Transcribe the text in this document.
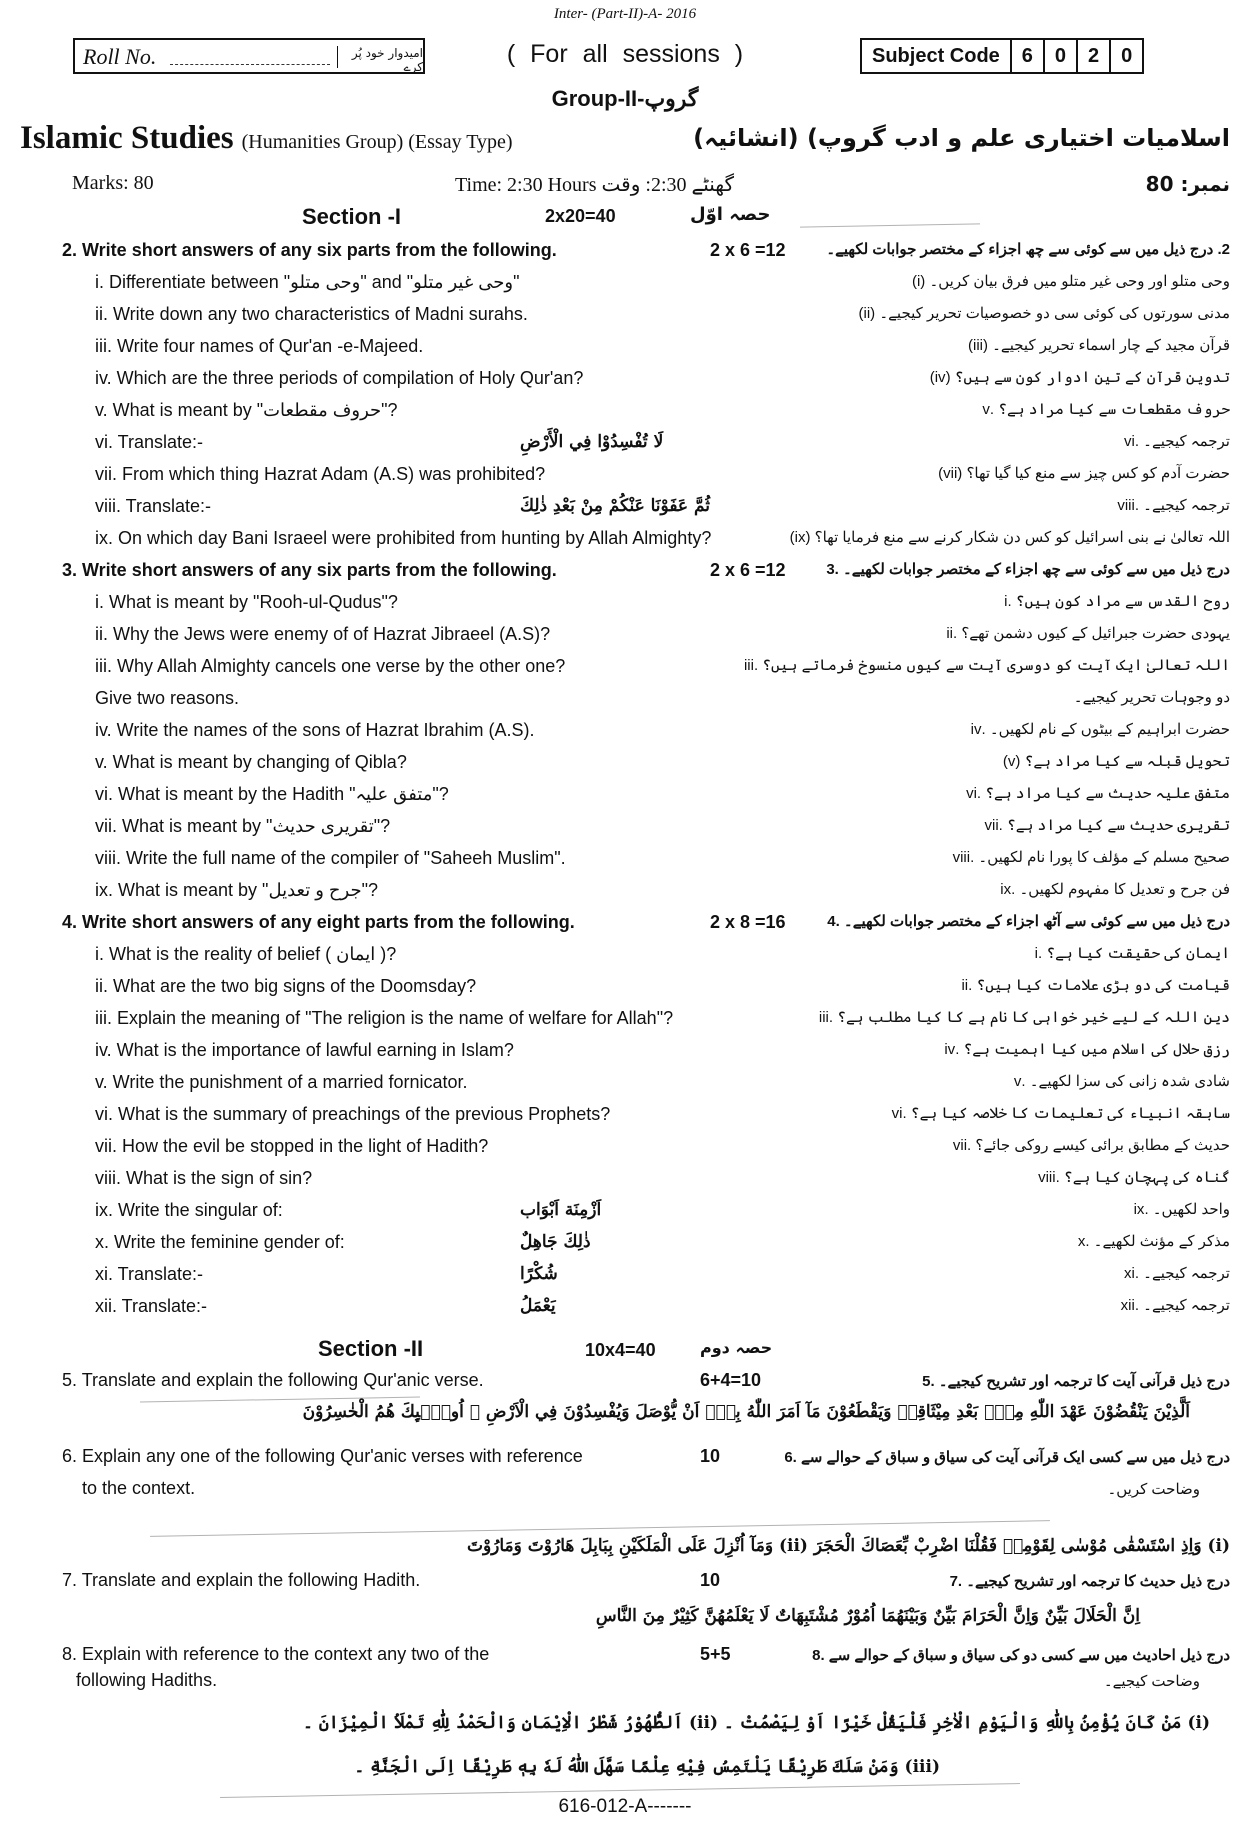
Inter- (Part-II)-A- 2016
Roll No.	امیدوار خود پُر کرے	( For all sessions )	Subject Code	6	0	2	0
Group-II-گروپ
Islamic Studies (Humanities Group) (Essay Type)	اسلامیات اختیاری علم و ادب گروپ) (انشائیہ)
Marks: 80	Time: 2:30 Hours گھنٹے 2:30: وقت	نمبر: 80
Section -I	2x20=40	حصہ اوّل
2. Write short answers of any six parts from the following.	2 x 6 =12	2. درج ذیل میں سے کوئی سے چھ اجزاء کے مختصر جوابات لکھیے۔
i. Differentiate between "وحی متلو" and "وحی غیر متلو"	وحی متلو اور وحی غیر متلو میں فرق بیان کریں۔ (i)
ii. Write down any two characteristics of Madni surahs.	مدنی سورتوں کی کوئی سی دو خصوصیات تحریر کیجیے۔ (ii)
iii. Write four names of Qur'an -e-Majeed.	قرآن مجید کے چار اسماء تحریر کیجیے۔ (iii)
iv. Which are the three periods of compilation of Holy Qur'an?	تدوین قرآن کے تین ادوار کون سے ہیں؟ (iv)
v. What is meant by "حروف مقطعات"?	حروف مقطعات سے کیا مراد ہے؟ .v
vi. Translate:-	لَا تُفْسِدُوْا فِي الْأَرْضِ	ترجمہ کیجیے۔ .vi
vii. From which thing Hazrat Adam (A.S) was prohibited?	حضرت آدم کو کس چیز سے منع کیا گیا تھا؟ (vii)
viii. Translate:-	ثُمَّ عَفَوْنَا عَنْكُمْ مِنْ بَعْدِ ذٰلِكَ	ترجمہ کیجیے۔ .viii
ix. On which day Bani Israeel were prohibited from hunting by Allah Almighty?	اللہ تعالیٰ نے بنی اسرائیل کو کس دن شکار کرنے سے منع فرمایا تھا؟ (ix)
3. Write short answers of any six parts from the following.	2 x 6 =12	درج ذیل میں سے کوئی سے چھ اجزاء کے مختصر جوابات لکھیے۔ .3
i. What is meant by "Rooh-ul-Qudus"?	روح القدس سے مراد کون ہیں؟ .i
ii. Why the Jews were enemy of of Hazrat Jibraeel (A.S)?	یہودی حضرت جبرائیل کے کیوں دشمن تھے؟ .ii
iii. Why Allah Almighty cancels one verse by the other one?	اللہ تعالیٰ ایک آیت کو دوسری آیت سے کیوں منسوخ فرماتے ہیں؟ .iii
Give two reasons.	دو وجوہات تحریر کیجیے۔
iv. Write the names of the sons of Hazrat Ibrahim (A.S).	حضرت ابراہیم کے بیٹوں کے نام لکھیں۔ .iv
v. What is meant by changing of Qibla?	تحویل قبلہ سے کیا مراد ہے؟ (v)
vi. What is meant by the Hadith "متفق علیہ"?	متفق علیہ حدیث سے کیا مراد ہے؟ .vi
vii. What is meant by "تقریری حدیث"?	تقریری حدیث سے کیا مراد ہے؟ .vii
viii. Write the full name of the compiler of "Saheeh Muslim".	صحیح مسلم کے مؤلف کا پورا نام لکھیں۔ .viii
ix. What is meant by "جرح و تعدیل"?	فن جرح و تعدیل کا مفہوم لکھیں۔ .ix
4. Write short answers of any eight parts from the following.	2 x 8 =16	درج ذیل میں سے کوئی سے آٹھ اجزاء کے مختصر جوابات لکھیے۔ .4
i. What is the reality of belief ( ایمان )?	ایمان کی حقیقت کیا ہے؟ .i
ii. What are the two big signs of the Doomsday?	قیامت کی دو بڑی علامات کیا ہیں؟ .ii
iii. Explain the meaning of "The religion is the name of welfare for Allah"?	دین اللہ کے لیے خیر خواہی کا نام ہے کا کیا مطلب ہے؟ .iii
iv. What is the importance of lawful earning in Islam?	رزق حلال کی اسلام میں کیا اہمیت ہے؟ .iv
v. Write the punishment of a married fornicator.	شادی شدہ زانی کی سزا لکھیے۔ .v
vi. What is the summary of preachings of the previous Prophets?	سابقہ انبیاء کی تعلیمات کا خلاصہ کیا ہے؟ .vi
vii. How the evil be stopped in the light of Hadith?	حدیث کے مطابق برائی کیسے روکی جائے؟ .vii
viii. What is the sign of sin?	گناہ کی پہچان کیا ہے؟ .viii
ix. Write the singular of:	اَزْمِنَة اَبْوَاب	واحد لکھیں۔ .ix
x. Write the feminine gender of:	ذٰلِكَ جَاهِلٌ	مذکر کے مؤنث لکھیے۔ .x
xi. Translate:-	شُكْرًا	ترجمہ کیجیے۔ .xi
xii. Translate:-	يَعْمَلُ	ترجمہ کیجیے۔ .xii
Section -II	10x4=40	حصہ دوم
5. Translate and explain the following Qur'anic verse.	6+4=10	درج ذیل قرآنی آیت کا ترجمہ اور تشریح کیجیے۔ .5
اَلَّذِيْنَ يَنْقُضُوْنَ عَهْدَ اللّٰهِ مِنْۢ بَعْدِ مِيْثَاقِهٖ وَيَقْطَعُوْنَ مَآ اَمَرَ اللّٰهُ بِهٖٓ اَنْ يُّوْصَلَ وَيُفْسِدُوْنَ فِي الْاَرْضِ ۭ اُولٰۗىِٕكَ ھُمُ الْخٰسِرُوْنَ
6. Explain any one of the following Qur'anic verses with reference	10
to the context.
درج ذیل میں سے کسی ایک قرآنی آیت کی سیاق و سباق کے حوالے سے .6
وضاحت کریں۔
(i) وَاِذِ اسْتَسْقٰى مُوْسٰى لِقَوْمِهٖ فَقُلْنَا اضْرِبْ بِّعَصَاكَ الْحَجَرَ (ii) وَمَآ اُنْزِلَ عَلَى الْمَلَكَيْنِ بِبَابِلَ هَارُوْتَ وَمَارُوْتَ
7. Translate and explain the following Hadith.	10	درج ذیل حدیث کا ترجمہ اور تشریح کیجیے۔ .7
اِنَّ الْحَلَالَ بَيِّنٌ وَاِنَّ الْحَرَامَ بَيِّنٌ وَبَيْنَهُمَا اُمُوْرٌ مُشْتَبِهَاتٌ لَا يَعْلَمُهُنَّ كَثِيْرٌ مِنَ النَّاسِ
8. Explain with reference to the context any two of the	5+5
following Hadiths.
درج ذیل احادیث میں سے کسی دو کی سیاق و سباق کے حوالے سے .8
وضاحت کیجیے۔
(i) مَنْ كَانَ يُؤْمِنُ بِاللّٰهِ وَالْيَوْمِ الْاٰخِرِ فَلْيَقُلْ خَيْرًا اَوْ لِيَصْمُتْ ۔ (ii) اَلطُّهُوْرُ شَطْرُ الْاِيْمَانِ وَالْحَمْدُ لِلّٰهِ تَمْلَاُ الْمِيْزَانَ ۔
(iii) وَمَنْ سَلَكَ طَرِيْقًا يَلْتَمِسُ فِيْهِ عِلْمًا سَهَّلَ اللّٰهُ لَهٗ بِهٖ طَرِيْقًا اِلَى الْجَنَّةِ ۔
616-012-A-------
